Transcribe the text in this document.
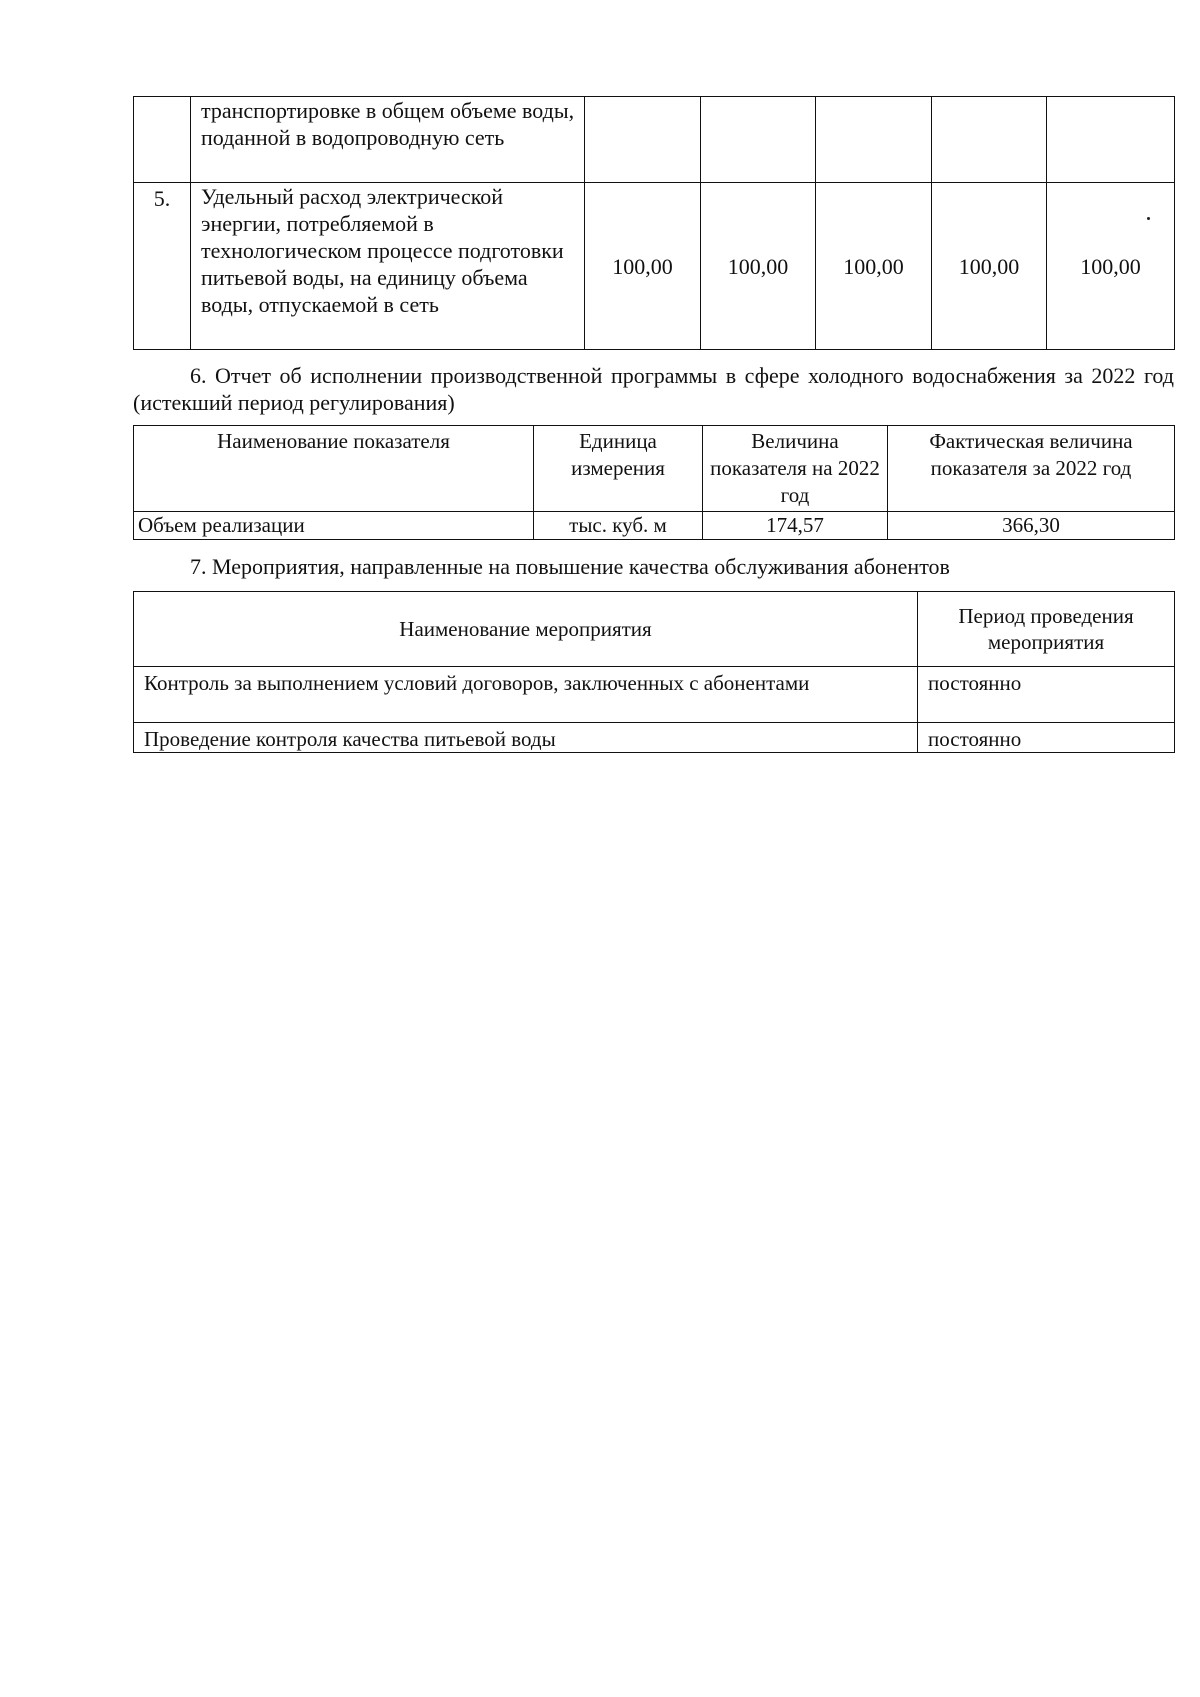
	транспортировке в общем объеме воды, поданной в водопроводную сеть					
5.	Удельный расход электрической энергии, потребляемой в технологическом процессе подготовки питьевой воды, на единицу объема воды, отпускаемой в сеть	100,00	100,00	100,00	100,00	100,00

6. Отчет об исполнении производственной программы в сфере холодного водоснабжения за 2022 год (истекший период регулирования)

Наименование показателя	Единица измерения	Величина показателя на 2022 год	Фактическая величина показателя за 2022 год
Объем реализации	тыс. куб. м	174,57	366,30

7. Мероприятия, направленные на повышение качества обслуживания абонентов

Наименование мероприятия	Период проведения мероприятия
Контроль за выполнением условий договоров, заключенных с абонентами	постоянно
Проведение контроля качества питьевой воды	постоянно
